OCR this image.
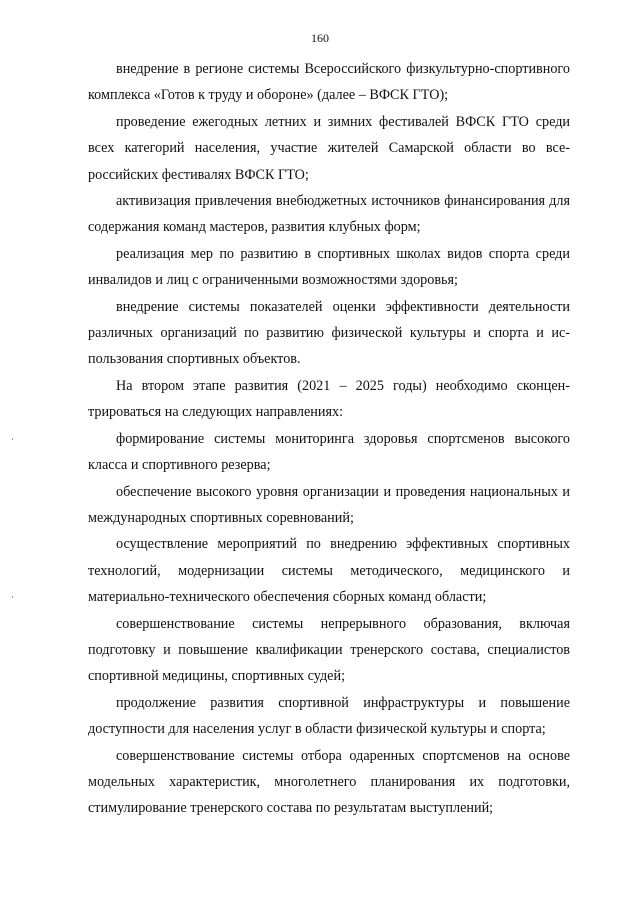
160

внедрение в регионе системы Всероссийского физкультурно-спортивного комплекса «Готов к труду и обороне» (далее – ВФСК ГТО);

проведение ежегодных летних и зимних фестивалей ВФСК ГТО среди всех категорий населения, участие жителей Самарской области во всероссийских фестивалях ВФСК ГТО;

активизация привлечения внебюджетных источников финансирования для содержания команд мастеров, развития клубных форм;

реализация мер по развитию в спортивных школах видов спорта среди инвалидов и лиц с ограниченными возможностями здоровья;

внедрение системы показателей оценки эффективности деятельности различных организаций по развитию физической культуры и спорта и использования спортивных объектов.

На втором этапе развития (2021 – 2025 годы) необходимо сконцентрироваться на следующих направлениях:

формирование системы мониторинга здоровья спортсменов высокого класса и спортивного резерва;

обеспечение высокого уровня организации и проведения национальных и международных спортивных соревнований;

осуществление мероприятий по внедрению эффективных спортивных технологий, модернизации системы методического, медицинского и материально-технического обеспечения сборных команд области;

совершенствование системы непрерывного образования, включая подготовку и повышение квалификации тренерского состава, специалистов спортивной медицины, спортивных судей;

продолжение развития спортивной инфраструктуры и повышение доступности для населения услуг в области физической культуры и спорта;

совершенствование системы отбора одаренных спортсменов на основе модельных характеристик, многолетнего планирования их подготовки, стимулирование тренерского состава по результатам выступлений;
